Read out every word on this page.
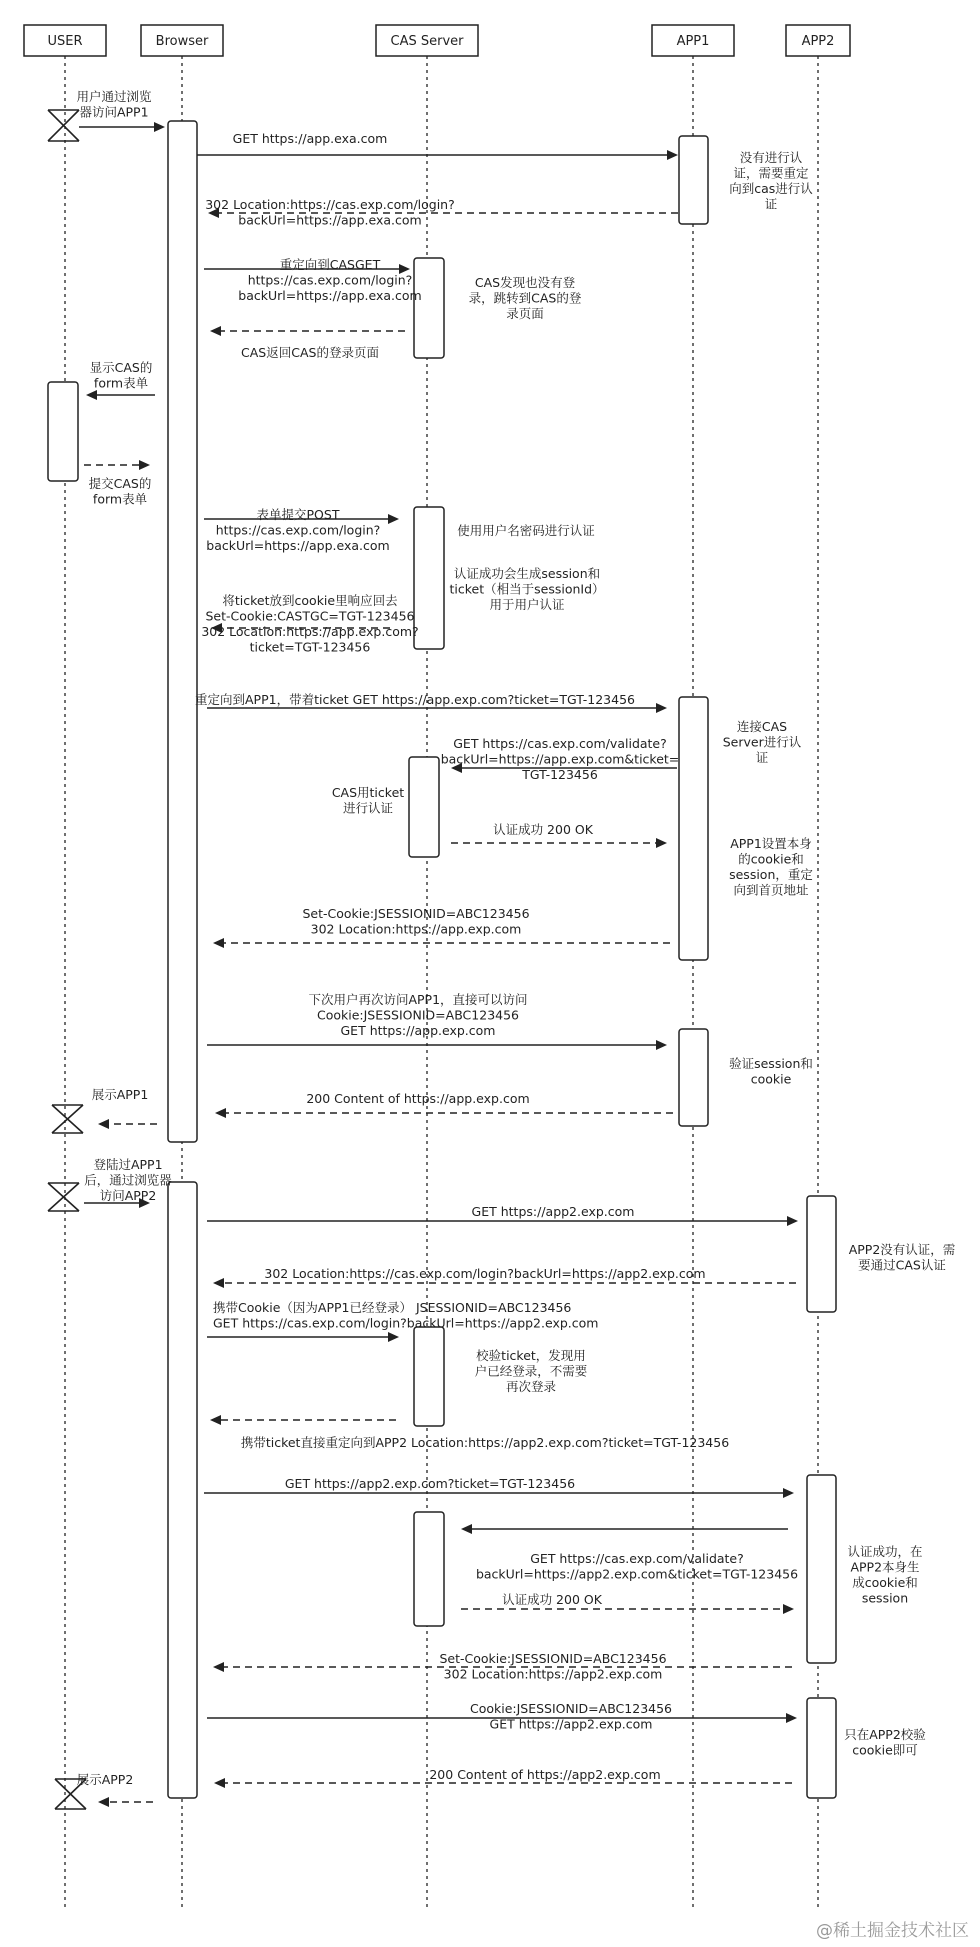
USER	Browser	CAS Server	APP1	APP2
用户通过浏览
器访问APP1
GET https://app.exa.com
302 Location:https://cas.exp.com/login?
backUrl=https://app.exa.com
重定向到CASGET
https://cas.exp.com/login?
backUrl=https://app.exa.com
CAS返回CAS的登录页面
显示CAS的
form表单
提交CAS的
form表单
表单提交POST
https://cas.exp.com/login?
backUrl=https://app.exa.com
将ticket放到cookie里响应回去
Set-Cookie:CASTGC=TGT-123456
302 Location:https://app.exp.com?
ticket=TGT-123456
重定向到APP1，带着ticket GET https://app.exp.com?ticket=TGT-123456
GET https://cas.exp.com/validate?
backUrl=https://app.exp.com&ticket=
TGT-123456
认证成功 200 OK
Set-Cookie:JSESSIONID=ABC123456
302 Location:https://app.exp.com
下次用户再次访问APP1，直接可以访问
Cookie:JSESSIONID=ABC123456
GET https://app.exp.com
200 Content of https://app.exp.com
展示APP1
登陆过APP1
后，通过浏览器
访问APP2
GET https://app2.exp.com
302 Location:https://cas.exp.com/login?backUrl=https://app2.exp.com
携带Cookie（因为APP1已经登录） JSESSIONID=ABC123456
GET https://cas.exp.com/login?backUrl=https://app2.exp.com
携带ticket直接重定向到APP2 Location:https://app2.exp.com?ticket=TGT-123456
GET https://app2.exp.com?ticket=TGT-123456
GET https://cas.exp.com/validate?
backUrl=https://app2.exp.com&ticket=TGT-123456
认证成功 200 OK
Set-Cookie:JSESSIONID=ABC123456
302 Location:https://app2.exp.com
Cookie:JSESSIONID=ABC123456
GET https://app2.exp.com
200 Content of https://app2.exp.com
展示APP2
没有进行认
证，需要重定
向到cas进行认
证
CAS发现也没有登
录，跳转到CAS的登
录页面
使用用户名密码进行认证
认证成功会生成session和
ticket（相当于sessionId）
用于用户认证
连接CAS
Server进行认
证
CAS用ticket
进行认证
APP1设置本身
的cookie和
session，重定
向到首页地址
验证session和
cookie
APP2没有认证，需
要通过CAS认证
校验ticket，发现用
户已经登录，不需要
再次登录
认证成功，在
APP2本身生
成cookie和
session
只在APP2校验
cookie即可
@稀土掘金技术社区
